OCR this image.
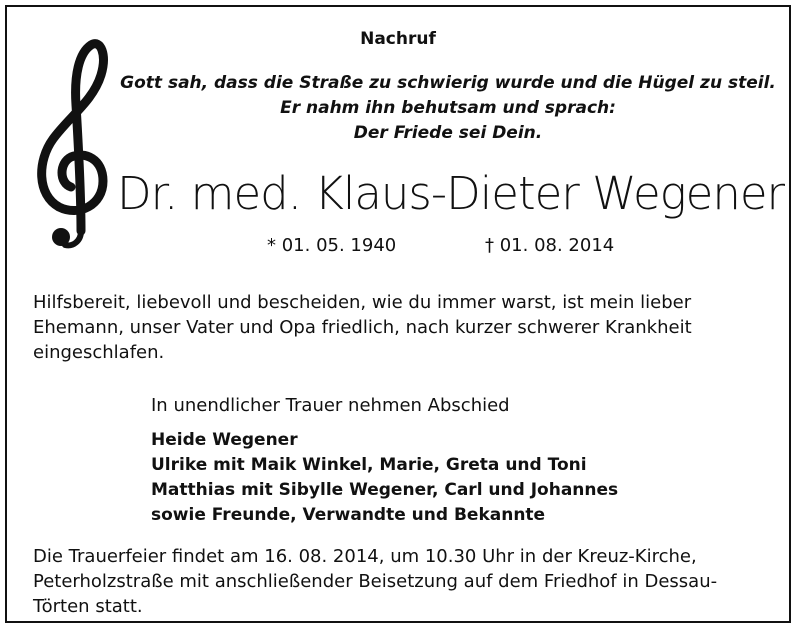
Nachruf
Gott sah, dass die Straße zu schwierig wurde und die Hügel zu steil.
Er nahm ihn behutsam und sprach:
Der Friede sei Dein.
Dr. med. Klaus-Dieter Wegener
* 01. 05. 1940	† 01. 08. 2014
Hilfsbereit, liebevoll und bescheiden, wie du immer warst, ist mein lieber
Ehemann, unser Vater und Opa friedlich, nach kurzer schwerer Krankheit
eingeschlafen.
In unendlicher Trauer nehmen Abschied
Heide Wegener
Ulrike mit Maik Winkel, Marie, Greta und Toni
Matthias mit Sibylle Wegener, Carl und Johannes
sowie Freunde, Verwandte und Bekannte
Die Trauerfeier findet am 16. 08. 2014, um 10.30 Uhr in der Kreuz-Kirche,
Peterholzstraße mit anschließender Beisetzung auf dem Friedhof in Dessau-
Törten statt.
